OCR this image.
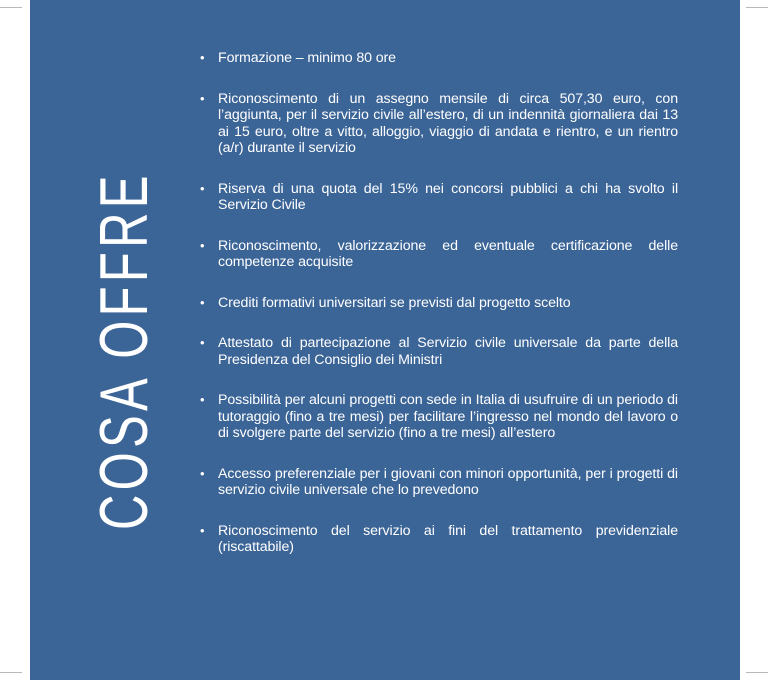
COSA OFFRE
• Formazione – minimo 80 ore
• Riconoscimento di un assegno mensile di circa 507,30 euro, con l’aggiunta, per il servizio civile all’estero, di un indennità giornaliera dai 13 ai 15 euro, oltre a vitto, alloggio, viaggio di andata e rientro, e un rientro (a/r) durante il servizio
• Riserva di una quota del 15% nei concorsi pubblici a chi ha svolto il Servizio Civile
• Riconoscimento, valorizzazione ed eventuale certificazione delle competenze acquisite
• Crediti formativi universitari se previsti dal progetto scelto
• Attestato di partecipazione al Servizio civile universale da parte della Presidenza del Consiglio dei Ministri
• Possibilità per alcuni progetti con sede in Italia di usufruire di un periodo di tutoraggio (fino a tre mesi) per facilitare l’ingresso nel mondo del lavoro o di svolgere parte del servizio (fino a tre mesi) all’estero
• Accesso preferenziale per i giovani con minori opportunità, per i progetti di servizio civile universale che lo prevedono
• Riconoscimento del servizio ai fini del trattamento previdenziale (riscattabile)
